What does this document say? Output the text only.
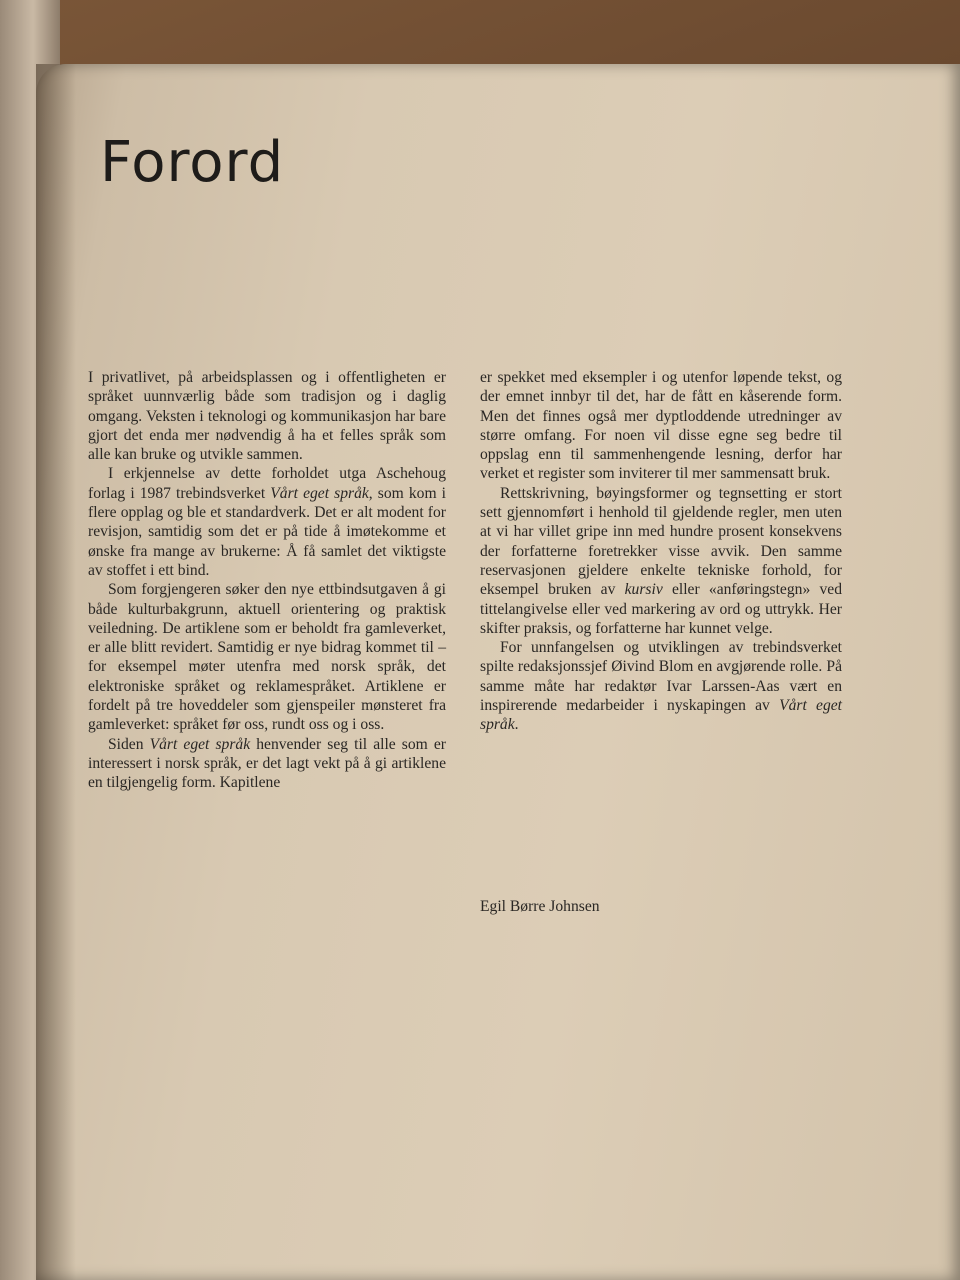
Forord

I privatlivet, på arbeidsplassen og i offentligheten er språket uunnværlig både som tradisjon og i daglig omgang. Veksten i teknologi og kommunikasjon har bare gjort det enda mer nødvendig å ha et felles språk som alle kan bruke og utvikle sammen.

I erkjennelse av dette forholdet utga Aschehoug forlag i 1987 trebindsverket Vårt eget språk, som kom i flere opplag og ble et standardverk. Det er alt modent for revisjon, samtidig som det er på tide å imøtekomme et ønske fra mange av brukerne: Å få samlet det viktigste av stoffet i ett bind.

Som forgjengeren søker den nye ettbindsutgaven å gi både kulturbakgrunn, aktuell orientering og praktisk veiledning. De artiklene som er beholdt fra gamleverket, er alle blitt revidert. Samtidig er nye bidrag kommet til – for eksempel møter utenfra med norsk språk, det elektroniske språket og reklamespråket. Artiklene er fordelt på tre hoveddeler som gjenspeiler mønsteret fra gamleverket: språket før oss, rundt oss og i oss.

Siden Vårt eget språk henvender seg til alle som er interessert i norsk språk, er det lagt vekt på å gi artiklene en tilgjengelig form. Kapitlene

er spekket med eksempler i og utenfor løpende tekst, og der emnet innbyr til det, har de fått en kåserende form. Men det finnes også mer dyptloddende utredninger av større omfang. For noen vil disse egne seg bedre til oppslag enn til sammenhengende lesning, derfor har verket et register som inviterer til mer sammensatt bruk.

Rettskrivning, bøyingsformer og tegnsetting er stort sett gjennomført i henhold til gjeldende regler, men uten at vi har villet gripe inn med hundre prosent konsekvens der forfatterne foretrekker visse avvik. Den samme reservasjonen gjeldere enkelte tekniske forhold, for eksempel bruken av kursiv eller «anføringstegn» ved tittelangivelse eller ved markering av ord og uttrykk. Her skifter praksis, og forfatterne har kunnet velge.

For unnfangelsen og utviklingen av trebindsverket spilte redaksjonssjef Øivind Blom en avgjørende rolle. På samme måte har redaktør Ivar Larssen-Aas vært en inspirerende medarbeider i nyskapingen av Vårt eget språk.

Egil Børre Johnsen
